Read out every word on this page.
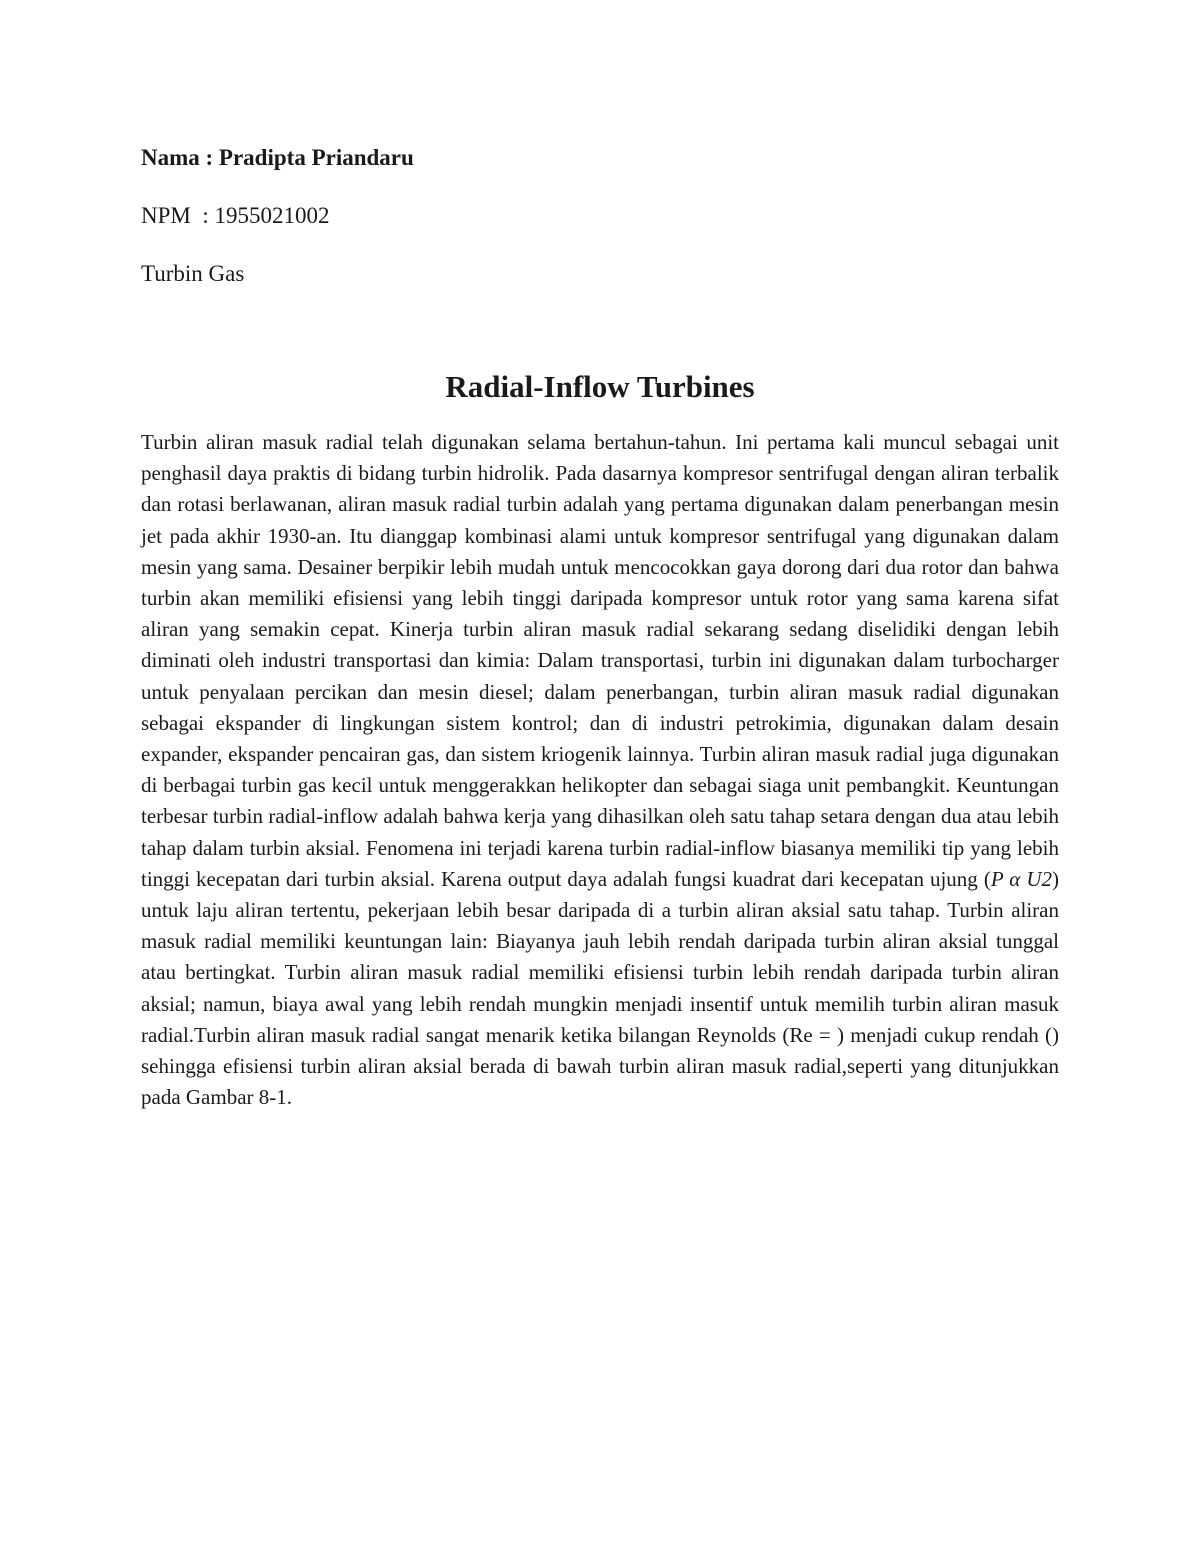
Nama : Pradipta Priandaru

NPM  : 1955021002

Turbin Gas

Radial-Inflow Turbines

Turbin aliran masuk radial telah digunakan selama bertahun-tahun. Ini pertama kali muncul sebagai unit penghasil daya praktis di bidang turbin hidrolik. Pada dasarnya kompresor sentrifugal dengan aliran terbalik dan rotasi berlawanan, aliran masuk radial turbin adalah yang pertama digunakan dalam penerbangan mesin jet pada akhir 1930-an. Itu dianggap kombinasi alami untuk kompresor sentrifugal yang digunakan dalam mesin yang sama. Desainer berpikir lebih mudah untuk mencocokkan gaya dorong dari dua rotor dan bahwa turbin akan memiliki efisiensi yang lebih tinggi daripada kompresor untuk rotor yang sama karena sifat aliran yang semakin cepat. Kinerja turbin aliran masuk radial sekarang sedang diselidiki dengan lebih diminati oleh industri transportasi dan kimia: Dalam transportasi, turbin ini digunakan dalam turbocharger untuk penyalaan percikan dan mesin diesel; dalam penerbangan, turbin aliran masuk radial digunakan sebagai ekspander di lingkungan sistem kontrol; dan di industri petrokimia, digunakan dalam desain expander, ekspander pencairan gas, dan sistem kriogenik lainnya. Turbin aliran masuk radial juga digunakan di berbagai turbin gas kecil untuk menggerakkan helikopter dan sebagai siaga unit pembangkit. Keuntungan terbesar turbin radial-inflow adalah bahwa kerja yang dihasilkan oleh satu tahap setara dengan dua atau lebih tahap dalam turbin aksial. Fenomena ini terjadi karena turbin radial-inflow biasanya memiliki tip yang lebih tinggi kecepatan dari turbin aksial. Karena output daya adalah fungsi kuadrat dari kecepatan ujung (P α U2) untuk laju aliran tertentu, pekerjaan lebih besar daripada di a turbin aliran aksial satu tahap. Turbin aliran masuk radial memiliki keuntungan lain: Biayanya jauh lebih rendah daripada turbin aliran aksial tunggal atau bertingkat. Turbin aliran masuk radial memiliki efisiensi turbin lebih rendah daripada turbin aliran aksial; namun, biaya awal yang lebih rendah mungkin menjadi insentif untuk memilih turbin aliran masuk radial.Turbin aliran masuk radial sangat menarik ketika bilangan Reynolds (Re = ) menjadi cukup rendah () sehingga efisiensi turbin aliran aksial berada di bawah turbin aliran masuk radial,seperti yang ditunjukkan pada Gambar 8-1.
